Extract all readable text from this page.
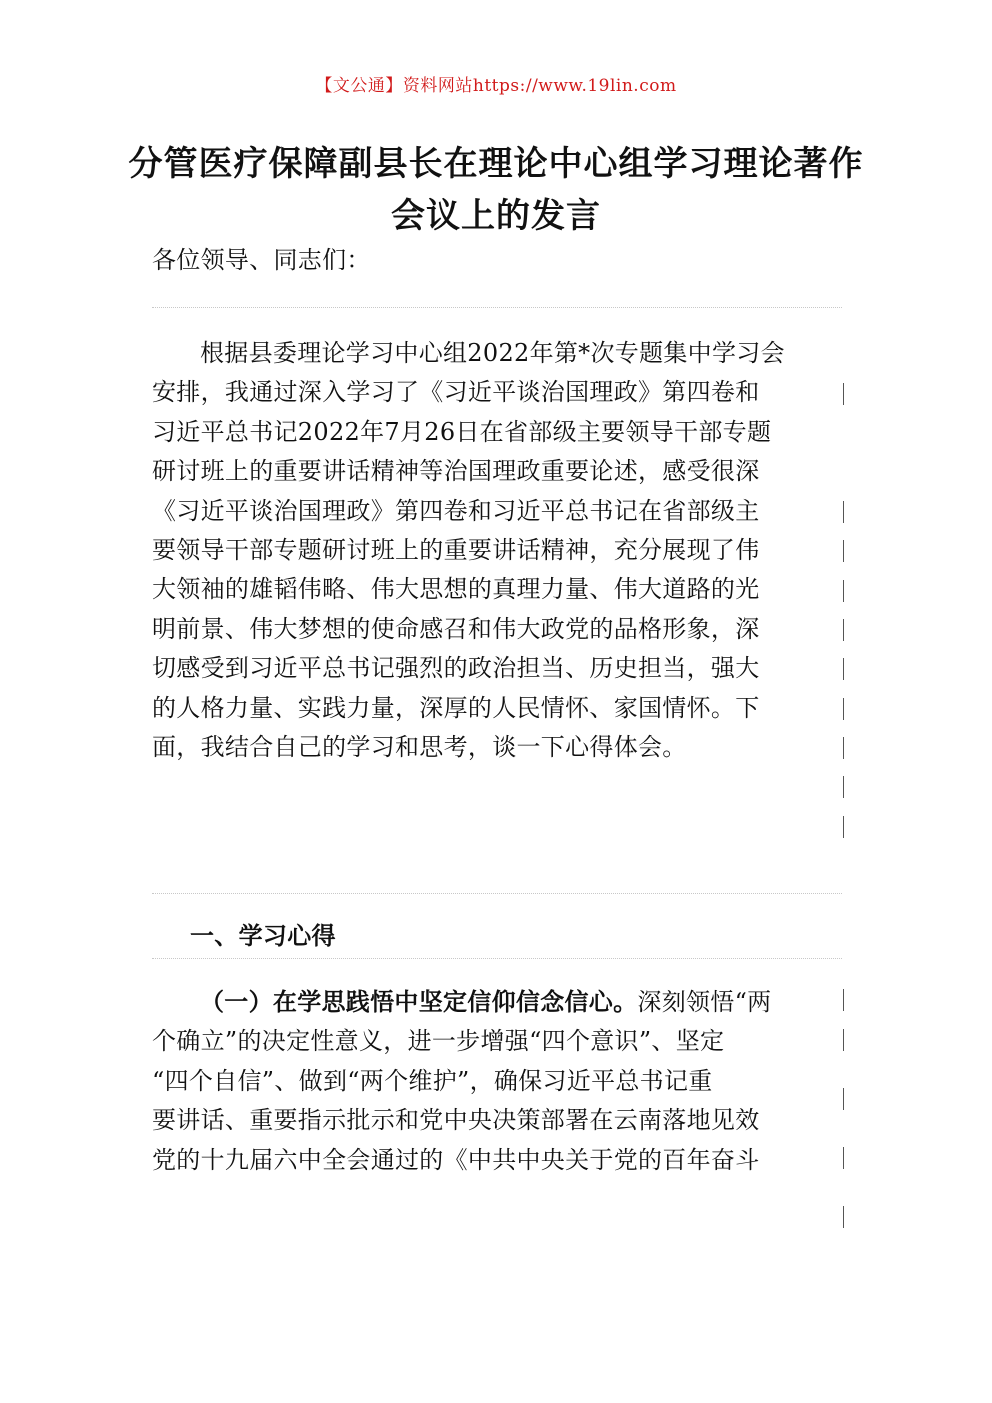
【文公通】资料网站https://www.19lin.com
分管医疗保障副县长在理论中心组学习理论著作会议上的发言
各位领导、同志们：
根据县委理论学习中心组2022年第*次专题集中学习会
安排，我通过深入学习了《习近平谈治国理政》第四卷和
习近平总书记2022年7月26日在省部级主要领导干部专题
研讨班上的重要讲话精神等治国理政重要论述，感受很深
《习近平谈治国理政》第四卷和习近平总书记在省部级主
要领导干部专题研讨班上的重要讲话精神，充分展现了伟
大领袖的雄韬伟略、伟大思想的真理力量、伟大道路的光
明前景、伟大梦想的使命感召和伟大政党的品格形象，深
切感受到习近平总书记强烈的政治担当、历史担当，强大
的人格力量、实践力量，深厚的人民情怀、家国情怀。下
面，我结合自己的学习和思考，谈一下心得体会。
一、学习心得
（一）在学思践悟中坚定信仰信念信心。深刻领悟“两
个确立”的决定性意义，进一步增强“四个意识”、坚定
“四个自信”、做到“两个维护”，确保习近平总书记重
要讲话、重要指示批示和党中央决策部署在云南落地见效
党的十九届六中全会通过的《中共中央关于党的百年奋斗
